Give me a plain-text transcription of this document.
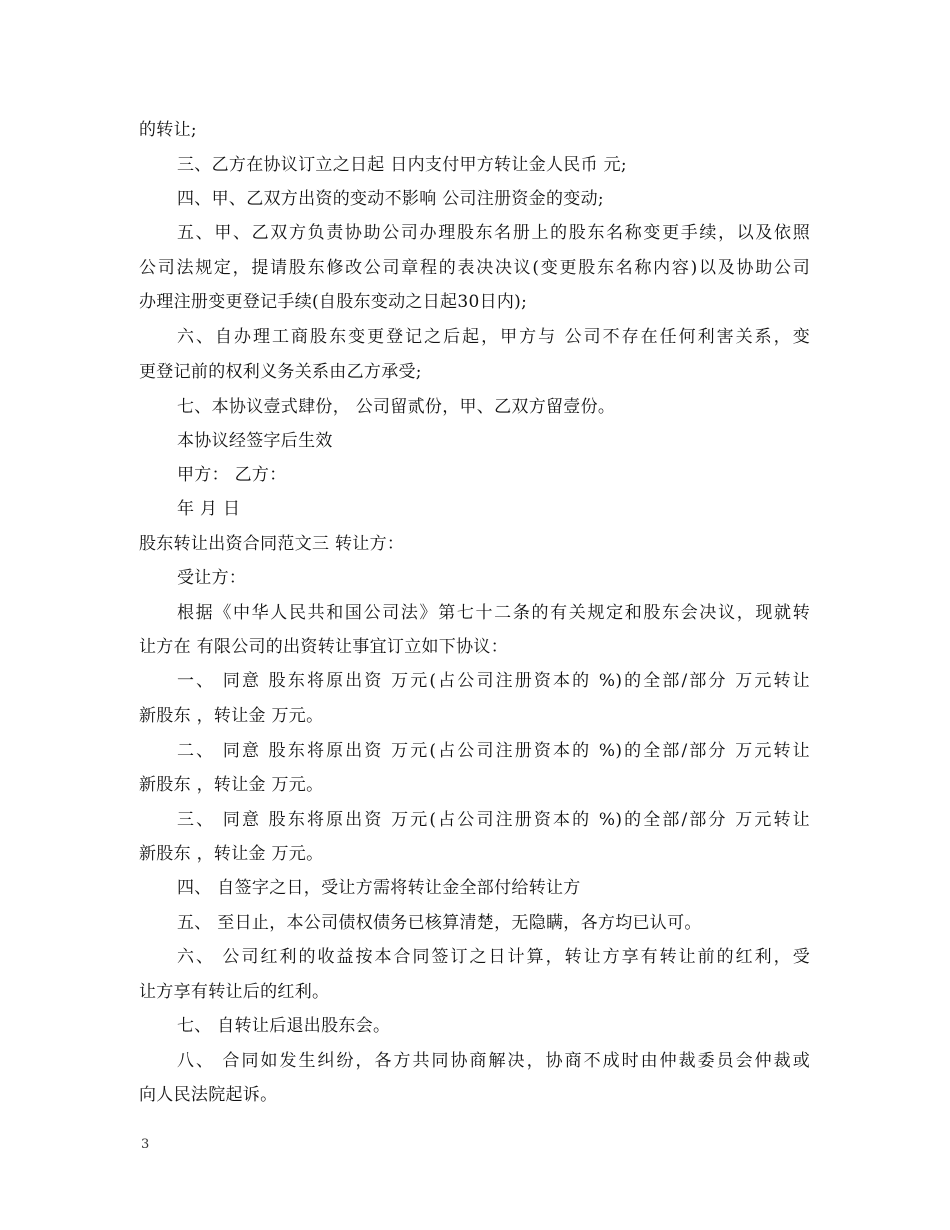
的转让;
三、乙方在协议订立之日起 日内支付甲方转让金人民币 元;
四、甲、乙双方出资的变动不影响 公司注册资金的变动;
五、甲、乙双方负责协助公司办理股东名册上的股东名称变更手续，以及依照
公司法规定，提请股东修改公司章程的表决决议(变更股东名称内容)以及协助公司
办理注册变更登记手续(自股东变动之日起30日内);
六、自办理工商股东变更登记之后起，甲方与 公司不存在任何利害关系，变
更登记前的权利义务关系由乙方承受;
七、本协议壹式肆份， 公司留贰份，甲、乙双方留壹份。
本协议经签字后生效
甲方： 乙方：
年 月 日
股东转让出资合同范文三 转让方：
受让方：
根据《中华人民共和国公司法》第七十二条的有关规定和股东会决议，现就转
让方在 有限公司的出资转让事宜订立如下协议：
一、 同意 股东将原出资 万元(占公司注册资本的 %)的全部/部分 万元转让
新股东 ，转让金 万元。
二、 同意 股东将原出资 万元(占公司注册资本的 %)的全部/部分 万元转让
新股东 ，转让金 万元。
三、 同意 股东将原出资 万元(占公司注册资本的 %)的全部/部分 万元转让
新股东 ，转让金 万元。
四、 自签字之日，受让方需将转让金全部付给转让方
五、 至日止，本公司债权债务已核算清楚，无隐瞒，各方均已认可。
六、 公司红利的收益按本合同签订之日计算，转让方享有转让前的红利，受
让方享有转让后的红利。
七、 自转让后退出股东会。
八、 合同如发生纠纷，各方共同协商解决，协商不成时由仲裁委员会仲裁或
向人民法院起诉。
3
